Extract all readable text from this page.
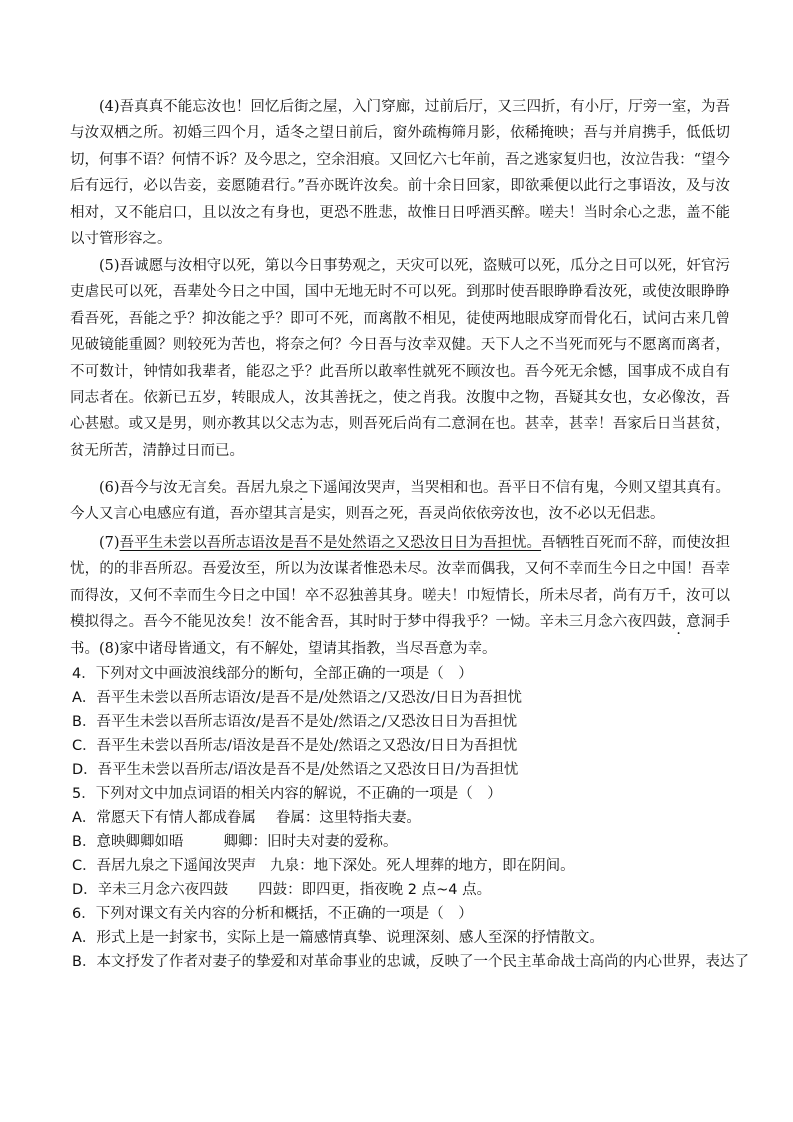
(4)吾真真不能忘汝也！回忆后街之屋，入门穿廊，过前后厅，又三四折，有小厅，厅旁一室，为吾与汝双栖之所。初婚三四个月，适冬之望日前后，窗外疏梅筛月影，依稀掩映；吾与并肩携手，低低切切，何事不语？何情不诉？及今思之，空余泪痕。又回忆六七年前，吾之逃家复归也，汝泣告我：“望今后有远行，必以告妾，妾愿随君行。”吾亦既许汝矣。前十余日回家，即欲乘便以此行之事语汝，及与汝相对，又不能启口，且以汝之有身也，更恐不胜悲，故惟日日呼酒买醉。嗟夫！当时余心之悲，盖不能以寸管形容之。

(5)吾诚愿与汝相守以死，第以今日事势观之，天灾可以死，盗贼可以死，瓜分之日可以死，奸官污吏虐民可以死，吾辈处今日之中国，国中无地无时不可以死。到那时使吾眼睁睁看汝死，或使汝眼睁睁看吾死，吾能之乎？抑汝能之乎？即可不死，而离散不相见，徒使两地眼成穿而骨化石，试问古来几曾见破镜能重圆？则较死为苦也，将奈之何？今日吾与汝幸双健。天下人之不当死而死与不愿离而离者，不可数计，钟情如我辈者，能忍之乎？此吾所以敢率性就死不顾汝也。吾今死无余憾，国事成不成自有同志者在。依新已五岁，转眼成人，汝其善抚之，使之肖我。汝腹中之物，吾疑其女也，女必像汝，吾心甚慰。或又是男，则亦教其以父志为志，则吾死后尚有二意洞在也。甚幸，甚幸！吾家后日当甚贫，贫无所苦，清静过日而已。

(6)吾今与汝无言矣。吾居九泉之下遥闻汝哭声，当哭相和也。吾平日不信有鬼，今则又望其真有。今人又言心电感应有道，吾亦望其言是实，则吾之死，吾灵尚依依旁汝也，汝不必以无侣悲。

(7)吾平生未尝以吾所志语汝是吾不是处然语之又恐汝日日为吾担忧。吾牺牲百死而不辞，而使汝担忧，的的非吾所忍。吾爱汝至，所以为汝谋者惟恐未尽。汝幸而偶我，又何不幸而生今日之中国！吾幸而得汝，又何不幸而生今日之中国！卒不忍独善其身。嗟夫！巾短情长，所未尽者，尚有万千，汝可以模拟得之。吾今不能见汝矣！汝不能舍吾，其时时于梦中得我乎？一恸。辛未三月念六夜四鼓，意洞手书。 (8)家中诸母皆通文，有不解处，望请其指教，当尽吾意为幸。

4．下列对文中画波浪线部分的断句，全部正确的一项是（　）

A．吾平生未尝以吾所志语汝/是吾不是/处然语之/又恐汝/日日为吾担忧

B．吾平生未尝以吾所志语汝/是吾不是处/然语之/又恐汝日日为吾担忧

C．吾平生未尝以吾所志/语汝是吾不是处/然语之又恐汝/日日为吾担忧

D．吾平生未尝以吾所志/语汝是吾不是/处然语之又恐汝日日/为吾担忧

5．下列对文中加点词语的相关内容的解说，不正确的一项是（　）

A．常愿天下有情人都成眷属 眷属：这里特指夫妻。

B．意映卿卿如晤	卿卿：旧时夫对妻的爱称。

C．吾居九泉之下遥闻汝哭声 九泉：地下深处。死人埋葬的地方，即在阴间。

D．辛未三月念六夜四鼓 四鼓：即四更，指夜晚 2 点~4 点。

6．下列对课文有关内容的分析和概括，不正确的一项是（　）

A．形式上是一封家书，实际上是一篇感情真挚、说理深刻、感人至深的抒情散文。

B．本文抒发了作者对妻子的挚爱和对革命事业的忠诚，反映了一个民主革命战士高尚的内心世界，表达了
